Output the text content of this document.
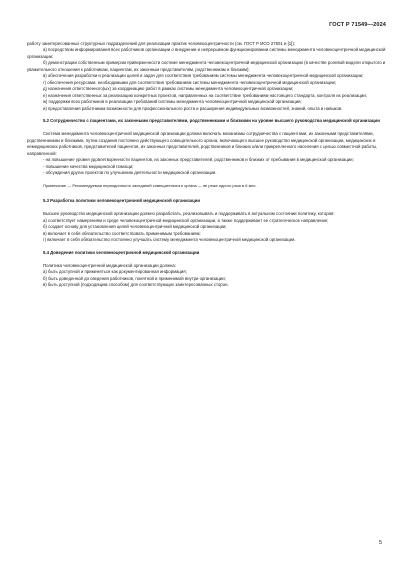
ГОСТ Р 71549—2024

работу заинтересованных структурных подразделений для реализации практик человекоцентричности (см. ГОСТ Р ИСО 27501 и [1]);

а) посредством информирования всех работников организации о внедрении и непрерывном функционировании системы менеджмента человекоцентричной медицинской организации;

б) демонстрации собственным примером приверженности системе менеджмента человекоцентричной медицинской организации (в качестве ролевой модели открытого и уважительного отношения к работникам, пациентам, их законным представителям, родственникам и близким);

в) обеспечения разработки и реализации целей и задач для соответствия требованиям системы менеджмента человекоцентричной медицинской организации;

г) обеспечения ресурсами, необходимыми для соответствия требованиям системы менеджмента человекоцентричной медицинской организации;

д) назначения ответственного(ых) за координацию работ в рамках системы менеджмента человекоцентричной организации;

е) назначения ответственных за реализацию конкретных проектов, направленных на соответствие требованиям настоящего стандарта, контроля их реализации;

ж) поддержки всех работников в реализации требований системы менеджмента человекоцентричной медицинской организации;

и) предоставления работникам возможности для профессионального роста и расширения индивидуальных возможностей, знаний, опыта и навыков.

5.2 Сотрудничество с пациентами, их законными представителями, родственниками и близкими на уровне высшего руководства медицинской организации

Система менеджмента человекоцентричной медицинской организации должна включать механизмы сотрудничества с пациентами, их законными представителями, родственниками и близкими, путем создания постоянно действующего совещательного органа, включающего высшее руководство медицинской организации, медицинских и немедицинских работников, представителей пациентов, их законных представителей, родственников и близких и/или прикрепленного населения с целью совместной работы, направленной:

- на повышение уровня удовлетворенности пациентов, их законных представителей, родственников и близких от пребывания в медицинской организации;

- повышение качества медицинской помощи;

- обсуждения других проектов по улучшению деятельности медицинской организации.

Примечание — Рекомендуемая периодичность заседаний совещательного органа — не реже одного раза в 6 мес.

5.3 Разработка политики человекоцентричной медицинской организации

Высшее руководство медицинской организации должно разработать, реализовывать и поддерживать в актуальном состоянии политику, которая:

а) соответствует намерениям и среде человекоцентричной медицинской организации, а также поддерживает ее стратегическое направление;

б) создает основу для установления целей человекоцентричной медицинской организации;

в) включает в себя обязательство соответствовать применимым требованиям;

г) включает в себя обязательство постоянно улучшать систему менеджмента человекоцентричной медицинской организации.

5.4 Доведение политики человекоцентричной медицинской организации

Политика человекоцентричной медицинской организации должна:

а) быть доступной и применяться как документированная информация;

б) быть доведенной до сведения работников, понятной и применимой внутри организации;

в) быть доступной (подходящим способом) для соответствующих заинтересованных сторон.

5
